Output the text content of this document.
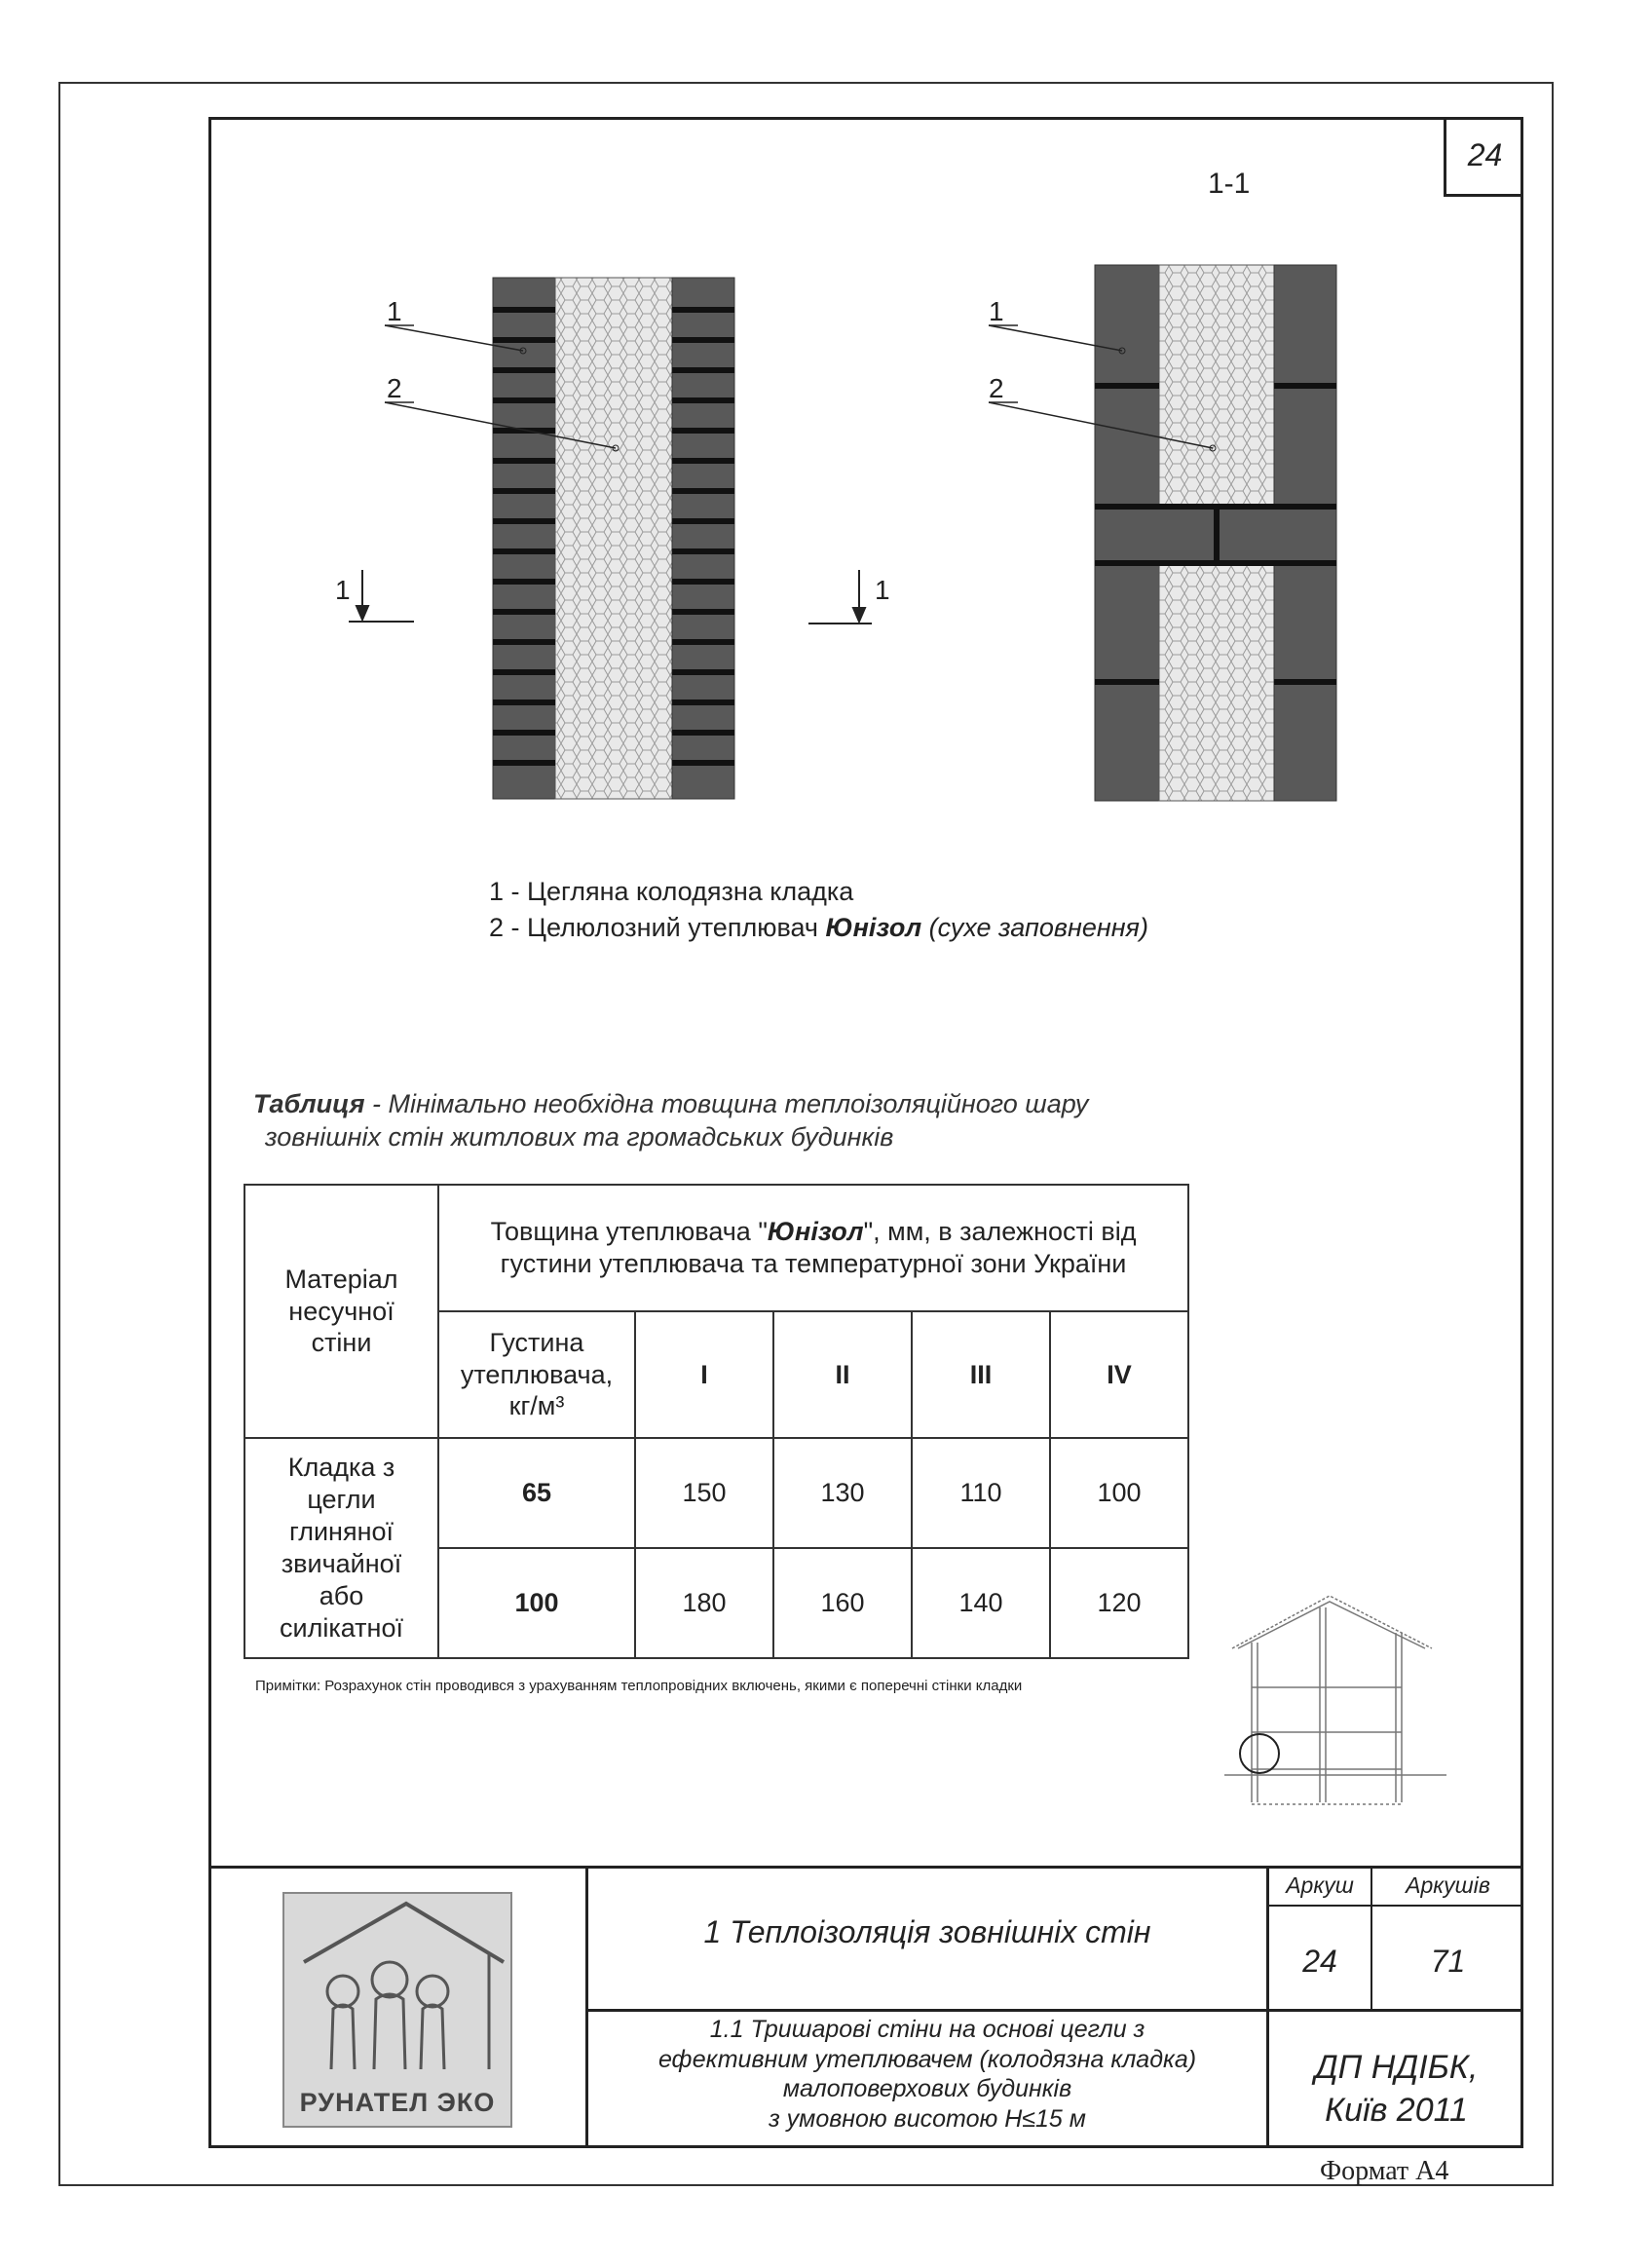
24
1-1
1
2
1
2
1	1
1 - Цегляна колодязна кладка
2 - Целюлозний утеплювач Юнізол (сухе заповнення)
Таблиця - Мінімально необхідна товщина теплоізоляційного шару
зовнішніх стін житлових та громадських будинків
Матеріал несучної стіни	Товщина утеплювача "Юнізол", мм, в залежності від густини утеплювача та температурної зони України				
	Густина утеплювача, кг/м³	I	II	III	IV
Кладка з цегли глиняної звичайної або силікатної	65	150	130	110	100
	100	180	160	140	120
Примітки: Розрахунок стін проводився з урахуванням теплопровідних включень, якими є поперечні стінки кладки
РУНАТЕЛ ЭКО
1 Теплоізоляція зовнішніх стін
Аркуш	Аркушів
24	71
1.1 Тришарові стіни на основі цегли з
ефективним утеплювачем (колодязна кладка)
малоповерхових будинків
з умовною висотою H≤15 м
ДП НДІБК,
Київ 2011
Формат А4
